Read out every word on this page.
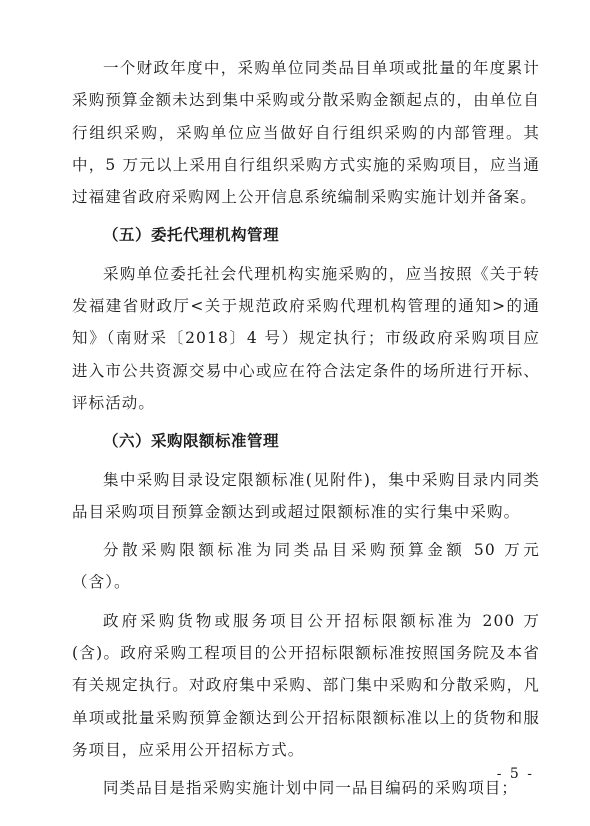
一个财政年度中，采购单位同类品目单项或批量的年度累计采购预算金额未达到集中采购或分散采购金额起点的，由单位自行组织采购，采购单位应当做好自行组织采购的内部管理。其中，5 万元以上采用自行组织采购方式实施的采购项目，应当通过福建省政府采购网上公开信息系统编制采购实施计划并备案。

（五）委托代理机构管理

采购单位委托社会代理机构实施采购的，应当按照《关于转发福建省财政厅<关于规范政府采购代理机构管理的通知>的通知》（南财采〔2018〕4 号）规定执行；市级政府采购项目应进入市公共资源交易中心或应在符合法定条件的场所进行开标、评标活动。

（六）采购限额标准管理

集中采购目录设定限额标准(见附件)，集中采购目录内同类品目采购项目预算金额达到或超过限额标准的实行集中采购。

分散采购限额标准为同类品目采购预算金额 50 万元（含）。

政府采购货物或服务项目公开招标限额标准为 200 万(含)。政府采购工程项目的公开招标限额标准按照国务院及本省有关规定执行。对政府集中采购、部门集中采购和分散采购，凡单项或批量采购预算金额达到公开招标限额标准以上的货物和服务项目，应采用公开招标方式。

同类品目是指采购实施计划中同一品目编码的采购项目；

- 5 -
